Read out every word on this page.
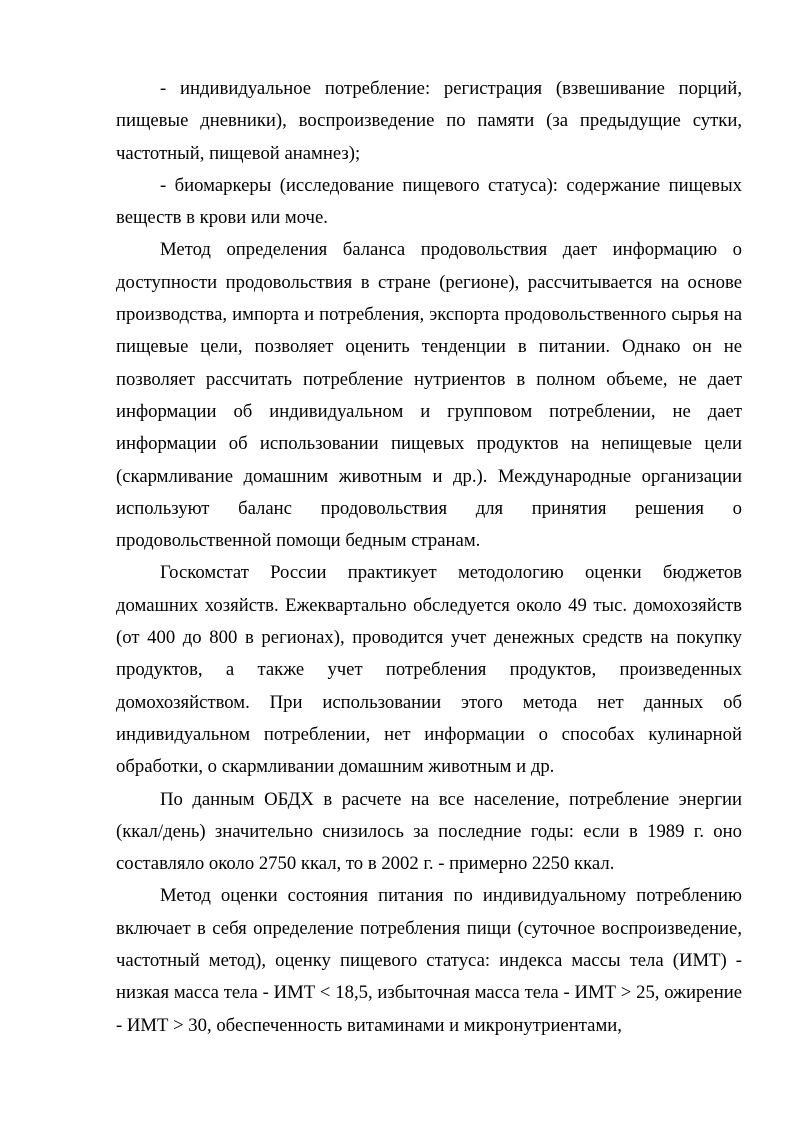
- индивидуальное потребление: регистрация (взвешивание порций, пищевые дневники), воспроизведение по памяти (за предыдущие сутки, частотный, пищевой анамнез);

- биомаркеры (исследование пищевого статуса): содержание пищевых веществ в крови или моче.

Метод определения баланса продовольствия дает информацию о доступности продовольствия в стране (регионе), рассчитывается на основе производства, импорта и потребления, экспорта продовольственного сырья на пищевые цели, позволяет оценить тенденции в питании. Однако он не позволяет рассчитать потребление нутриентов в полном объеме, не дает информации об индивидуальном и групповом потреблении, не дает информации об использовании пищевых продуктов на непищевые цели (скармливание домашним животным и др.). Международные организации используют баланс продовольствия для принятия решения о продовольственной помощи бедным странам.

Госкомстат России практикует методологию оценки бюджетов домашних хозяйств. Ежеквартально обследуется около 49 тыс. домохозяйств (от 400 до 800 в регионах), проводится учет денежных средств на покупку продуктов, а также учет потребления продуктов, произведенных домохозяйством. При использовании этого метода нет данных об индивидуальном потреблении, нет информации о способах кулинарной обработки, о скармливании домашним животным и др.

По данным ОБДХ в расчете на все население, потребление энергии (ккал/день) значительно снизилось за последние годы: если в 1989 г. оно составляло около 2750 ккал, то в 2002 г. - примерно 2250 ккал.

Метод оценки состояния питания по индивидуальному потреблению включает в себя определение потребления пищи (суточное воспроизведение, частотный метод), оценку пищевого статуса: индекса массы тела (ИМТ) - низкая масса тела - ИМТ < 18,5, избыточная масса тела - ИМТ > 25, ожирение - ИМТ > 30, обеспеченность витаминами и микронутриентами,
